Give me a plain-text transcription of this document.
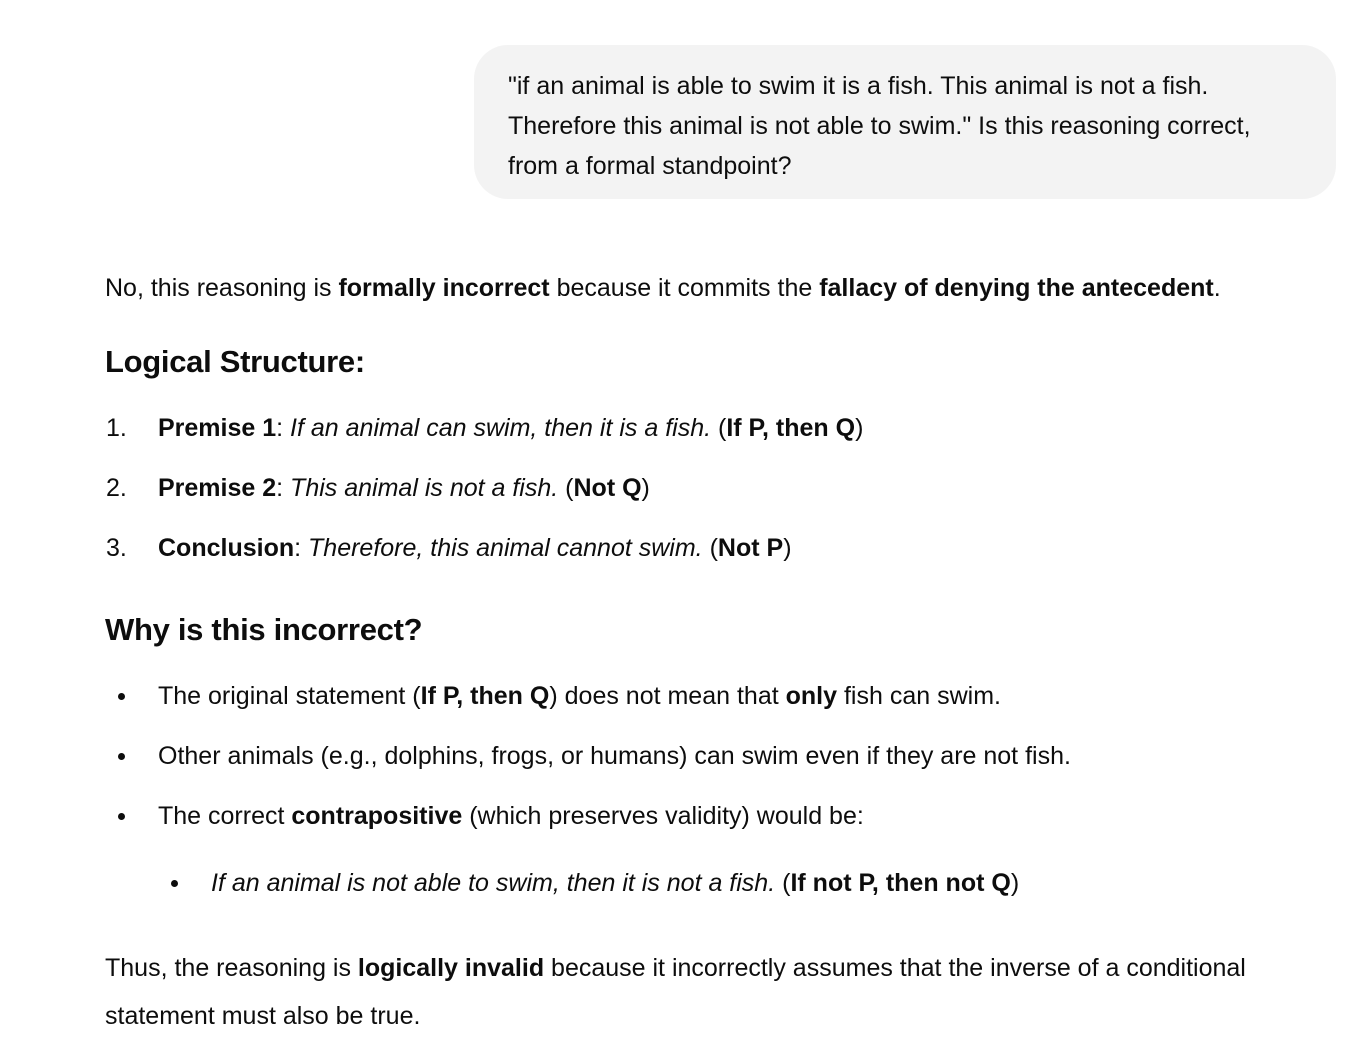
"if an animal is able to swim it is a fish. This animal is not a fish. Therefore this animal is not able to swim." Is this reasoning correct, from a formal standpoint?

No, this reasoning is formally incorrect because it commits the fallacy of denying the antecedent.

Logical Structure:
1.	Premise 1: If an animal can swim, then it is a fish. (If P, then Q)
2.	Premise 2: This animal is not a fish. (Not Q)
3.	Conclusion: Therefore, this animal cannot swim. (Not P)
Why is this incorrect?
The original statement (If P, then Q) does not mean that only fish can swim.
Other animals (e.g., dolphins, frogs, or humans) can swim even if they are not fish.
The correct contrapositive (which preserves validity) would be:
If an animal is not able to swim, then it is not a fish. (If not P, then not Q)

Thus, the reasoning is logically invalid because it incorrectly assumes that the inverse of a conditional statement must also be true.
